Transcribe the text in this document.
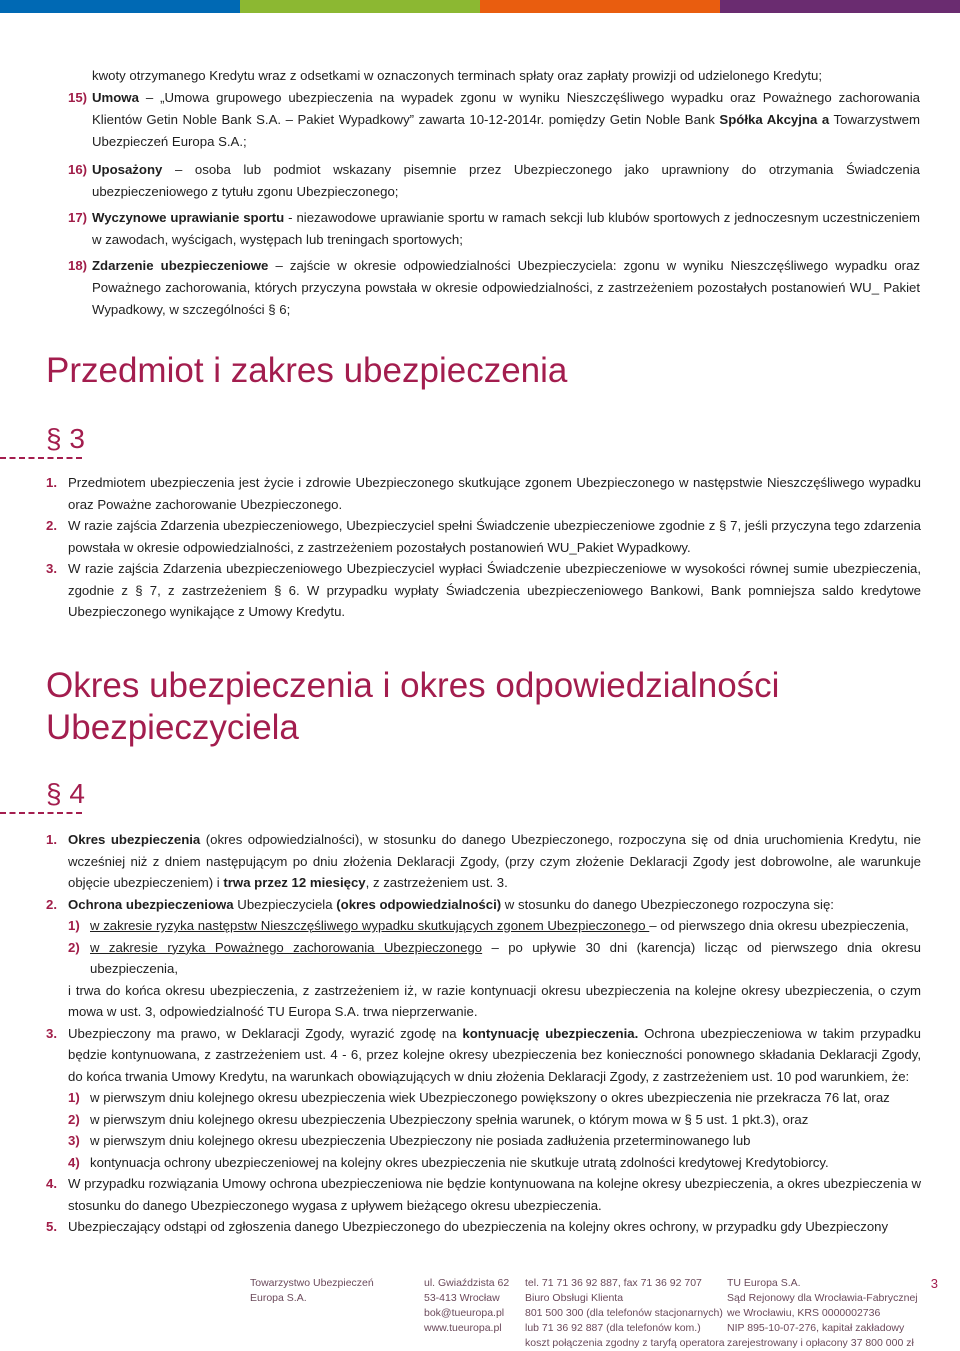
kwoty otrzymanego Kredytu wraz z odsetkami w oznaczonych terminach spłaty oraz zapłaty prowizji od udzielonego Kredytu;
15) Umowa – „Umowa grupowego ubezpieczenia na wypadek zgonu w wyniku Nieszczęśliwego wypadku oraz Poważnego zachorowania Klientów Getin Noble Bank S.A. – Pakiet Wypadkowy” zawarta 10-12-2014r. pomiędzy Getin Noble Bank Spółka Akcyjna a Towarzystwem Ubezpieczeń Europa S.A.;
16) Uposażony – osoba lub podmiot wskazany pisemnie przez Ubezpieczonego jako uprawniony do otrzymania Świadczenia ubezpieczeniowego z tytułu zgonu Ubezpieczonego;
17) Wyczynowe uprawianie sportu - niezawodowe uprawianie sportu w ramach sekcji lub klubów sportowych z jednoczesnym uczestniczeniem w zawodach, wyścigach, występach lub treningach sportowych;
18) Zdarzenie ubezpieczeniowe – zajście w okresie odpowiedzialności Ubezpieczyciela: zgonu w wyniku Nieszczęśliwego wypadku oraz Poważnego zachorowania, których przyczyna powstała w okresie odpowiedzialności, z zastrzeżeniem pozostałych postanowień WU_ Pakiet Wypadkowy, w szczególności § 6;
Przedmiot i zakres ubezpieczenia
§ 3
1. Przedmiotem ubezpieczenia jest życie i zdrowie Ubezpieczonego skutkujące zgonem Ubezpieczonego w następstwie Nieszczęśliwego wypadku oraz Poważne zachorowanie Ubezpieczonego.
2. W razie zajścia Zdarzenia ubezpieczeniowego, Ubezpieczyciel spełni Świadczenie ubezpieczeniowe zgodnie z § 7, jeśli przyczyna tego zdarzenia powstała w okresie odpowiedzialności, z zastrzeżeniem pozostałych postanowień WU_Pakiet Wypadkowy.
3. W razie zajścia Zdarzenia ubezpieczeniowego Ubezpieczyciel wypłaci Świadczenie ubezpieczeniowe w wysokości równej sumie ubezpieczenia, zgodnie z § 7, z zastrzeżeniem § 6. W przypadku wypłaty Świadczenia ubezpieczeniowego Bankowi, Bank pomniejsza saldo kredytowe Ubezpieczonego wynikające z Umowy Kredytu.
Okres ubezpieczenia i okres odpowiedzialności
Ubezpieczyciela
§ 4
1. Okres ubezpieczenia (okres odpowiedzialności), w stosunku do danego Ubezpieczonego, rozpoczyna się od dnia uruchomienia Kredytu, nie wcześniej niż z dniem następującym po dniu złożenia Deklaracji Zgody, (przy czym złożenie Deklaracji Zgody jest dobrowolne, ale warunkuje objęcie ubezpieczeniem) i trwa przez 12 miesięcy, z zastrzeżeniem ust. 3.
2. Ochrona ubezpieczeniowa Ubezpieczyciela (okres odpowiedzialności) w stosunku do danego Ubezpieczonego rozpoczyna się:
1) w zakresie ryzyka następstw Nieszczęśliwego wypadku skutkujących zgonem Ubezpieczonego – od pierwszego dnia okresu ubezpieczenia,
2) w zakresie ryzyka Poważnego zachorowania Ubezpieczonego – po upływie 30 dni (karencja) licząc od pierwszego dnia okresu ubezpieczenia,
i trwa do końca okresu ubezpieczenia, z zastrzeżeniem iż, w razie kontynuacji okresu ubezpieczenia na kolejne okresy ubezpieczenia, o czym mowa w ust. 3, odpowiedzialność TU Europa S.A. trwa nieprzerwanie.
3. Ubezpieczony ma prawo, w Deklaracji Zgody, wyrazić zgodę na kontynuację ubezpieczenia. Ochrona ubezpieczeniowa w takim przypadku będzie kontynuowana, z zastrzeżeniem ust. 4 - 6, przez kolejne okresy ubezpieczenia bez konieczności ponownego składania Deklaracji Zgody, do końca trwania Umowy Kredytu, na warunkach obowiązujących w dniu złożenia Deklaracji Zgody, z zastrzeżeniem ust. 10 pod warunkiem, że:
1) w pierwszym dniu kolejnego okresu ubezpieczenia wiek Ubezpieczonego powiększony o okres ubezpieczenia nie przekracza 76 lat, oraz
2) w pierwszym dniu kolejnego okresu ubezpieczenia Ubezpieczony spełnia warunek, o którym mowa w § 5 ust. 1 pkt.3), oraz
3) w pierwszym dniu kolejnego okresu ubezpieczenia Ubezpieczony nie posiada zadłużenia przeterminowanego lub
4) kontynuacja ochrony ubezpieczeniowej na kolejny okres ubezpieczenia nie skutkuje utratą zdolności kredytowej Kredytobiorcy.
4. W przypadku rozwiązania Umowy ochrona ubezpieczeniowa nie będzie kontynuowana na kolejne okresy ubezpieczenia, a okres ubezpieczenia w stosunku do danego Ubezpieczonego wygasa z upływem bieżącego okresu ubezpieczenia.
5. Ubezpieczający odstąpi od zgłoszenia danego Ubezpieczonego do ubezpieczenia na kolejny okres ochrony, w przypadku gdy Ubezpieczony
Towarzystwo Ubezpieczeń
Europa S.A.
ul. Gwiaździsta 62
53-413 Wrocław
bok@tueuropa.pl
www.tueuropa.pl
tel. 71 71 36 92 887, fax 71 36 92 707
Biuro Obsługi Klienta
801 500 300 (dla telefonów stacjonarnych)
lub 71 36 92 887 (dla telefonów kom.)
koszt połączenia zgodny z taryfą operatora
TU Europa S.A.
Sąd Rejonowy dla Wrocławia-Fabrycznej
we Wrocławiu, KRS 0000002736
NIP 895-10-07-276, kapitał zakładowy
zarejestrowany i opłacony 37 800 000 zł
3
